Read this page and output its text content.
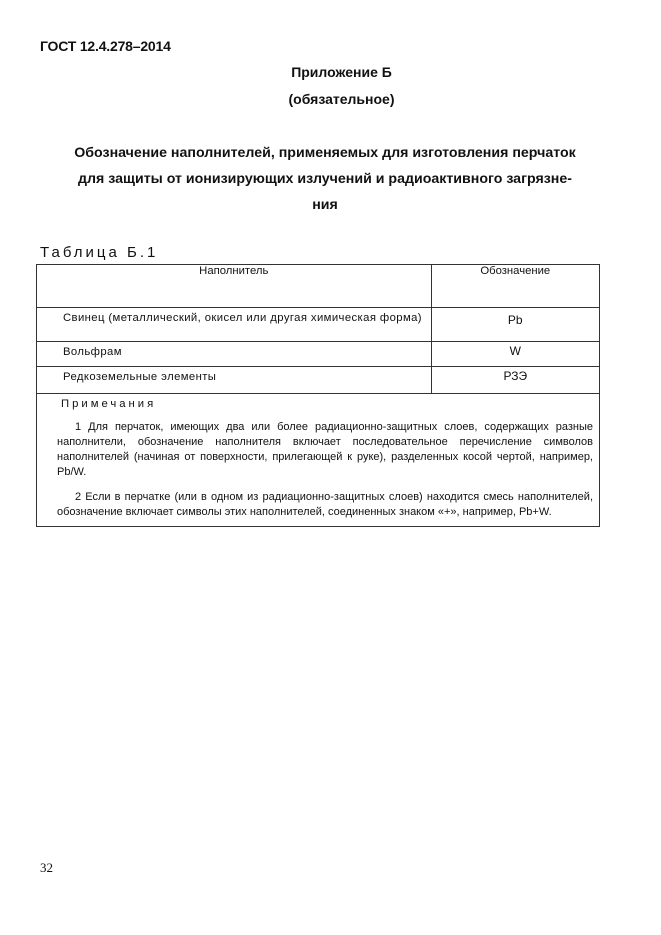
ГОСТ 12.4.278–2014
Приложение Б
(обязательное)
Обозначение наполнителей, применяемых для изготовления перчаток
для защиты от ионизирующих излучений и радиоактивного загрязне-
ния
Таблица Б.1
Наполнитель	Обозначение
Свинец (металлический, окисел или другая химическая форма)	Pb
Вольфрам	W
Редкоземельные элементы	РЗЭ

Примечания

1 Для перчаток, имеющих два или более радиационно-защитных слоев, содержащих разные наполнители, обозначение наполнителя включает последовательное перечисление символов наполнителей (начиная от поверхности, прилегающей к руке), разделенных косой чертой, например, Pb/W.

2 Если в перчатке (или в одном из радиационно-защитных слоев) находится смесь наполнителей, обозначение включает символы этих наполнителей, соединенных знаком «+», например, Pb+W.	

32
